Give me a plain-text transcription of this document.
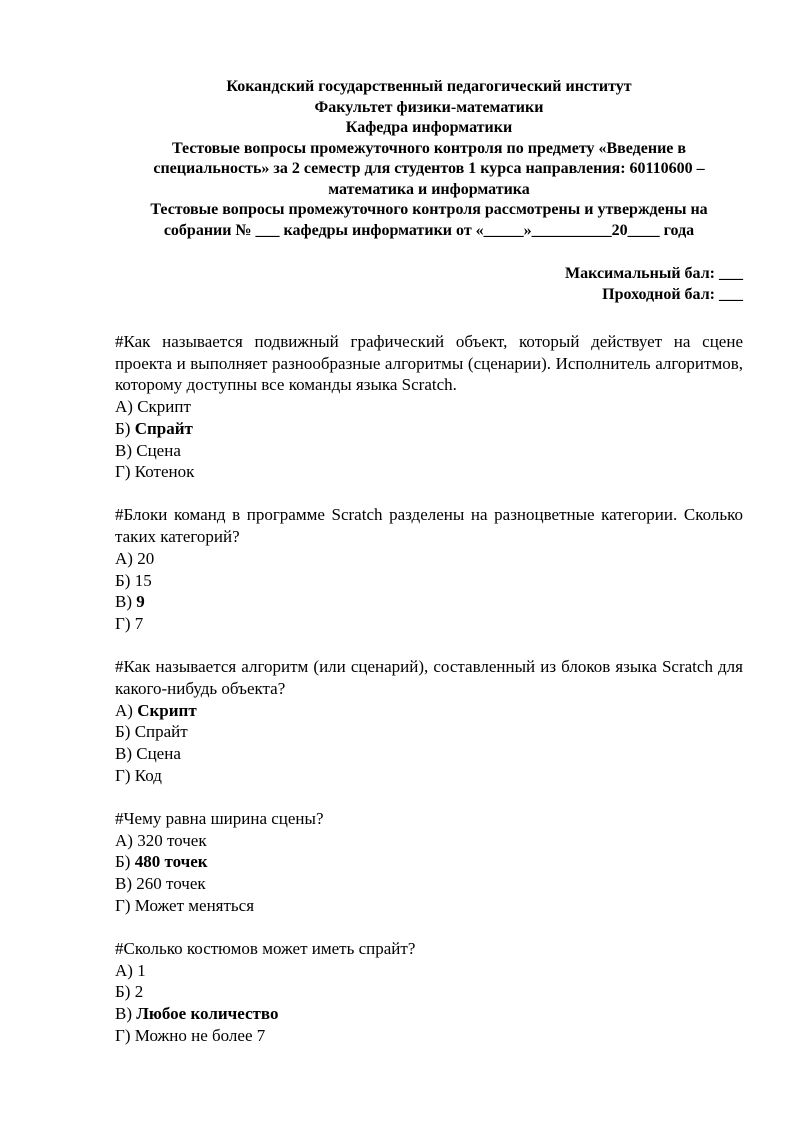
Кокандский государственный педагогический институт
Факультет физики-математики
Кафедра информатики
Тестовые вопросы промежуточного контроля по предмету «Введение в
специальность» за 2 семестр для студентов 1 курса направления: 60110600 –
математика и информатика
Тестовые вопросы промежуточного контроля рассмотрены и утверждены на
собрании № ___ кафедры информатики от «_____»__________20____ года
Максимальный бал: ___
Проходной бал: ___
#Как называется подвижный графический объект, который действует на сцене проекта и выполняет разнообразные алгоритмы (сценарии). Исполнитель алгоритмов, которому доступны все команды языка Scratch.
А) Скрипт
Б) Спрайт
В) Сцена
Г) Котенок
#Блоки команд в программе Scratch разделены на разноцветные категории. Сколько таких категорий?
А) 20
Б) 15
В) 9
Г) 7
#Как называется алгоритм (или сценарий), составленный из блоков языка Scratch для какого-нибудь объекта?
А) Скрипт
Б) Спрайт
В) Сцена
Г) Код
#Чему равна ширина сцены?
А) 320 точек
Б) 480 точек
В) 260 точек
Г) Может меняться
#Сколько костюмов может иметь спрайт?
А) 1
Б) 2
В) Любое количество
Г) Можно не более 7
